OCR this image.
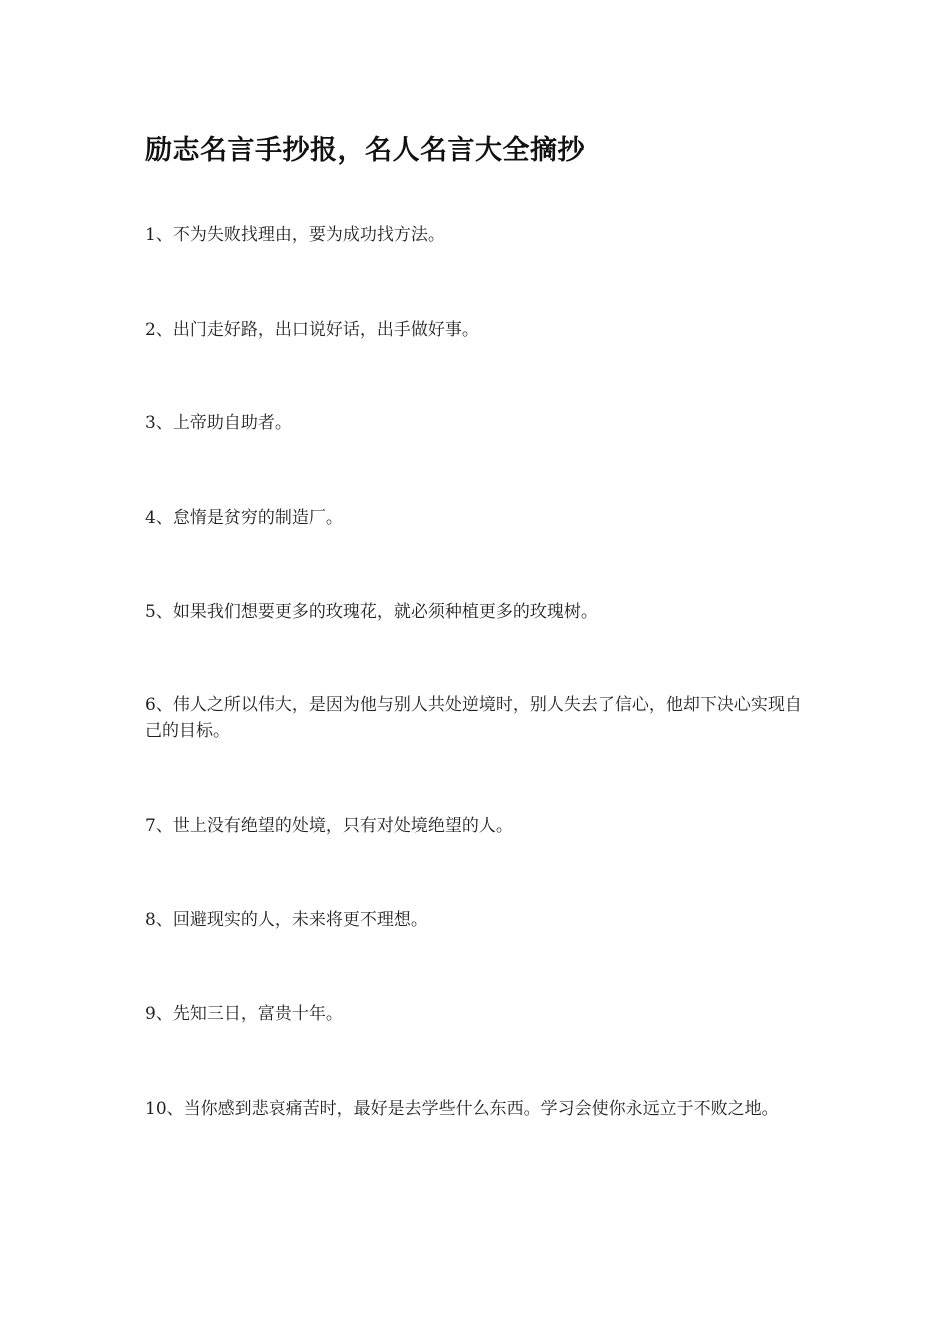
励志名言手抄报，名人名言大全摘抄

1、不为失败找理由，要为成功找方法。

2、出门走好路，出口说好话，出手做好事。

3、上帝助自助者。

4、怠惰是贫穷的制造厂。

5、如果我们想要更多的玫瑰花，就必须种植更多的玫瑰树。

6、伟人之所以伟大，是因为他与别人共处逆境时，别人失去了信心，他却下决心实现自己的目标。

7、世上没有绝望的处境，只有对处境绝望的人。

8、回避现实的人，未来将更不理想。

9、先知三日，富贵十年。

10、当你感到悲哀痛苦时，最好是去学些什么东西。学习会使你永远立于不败之地。
